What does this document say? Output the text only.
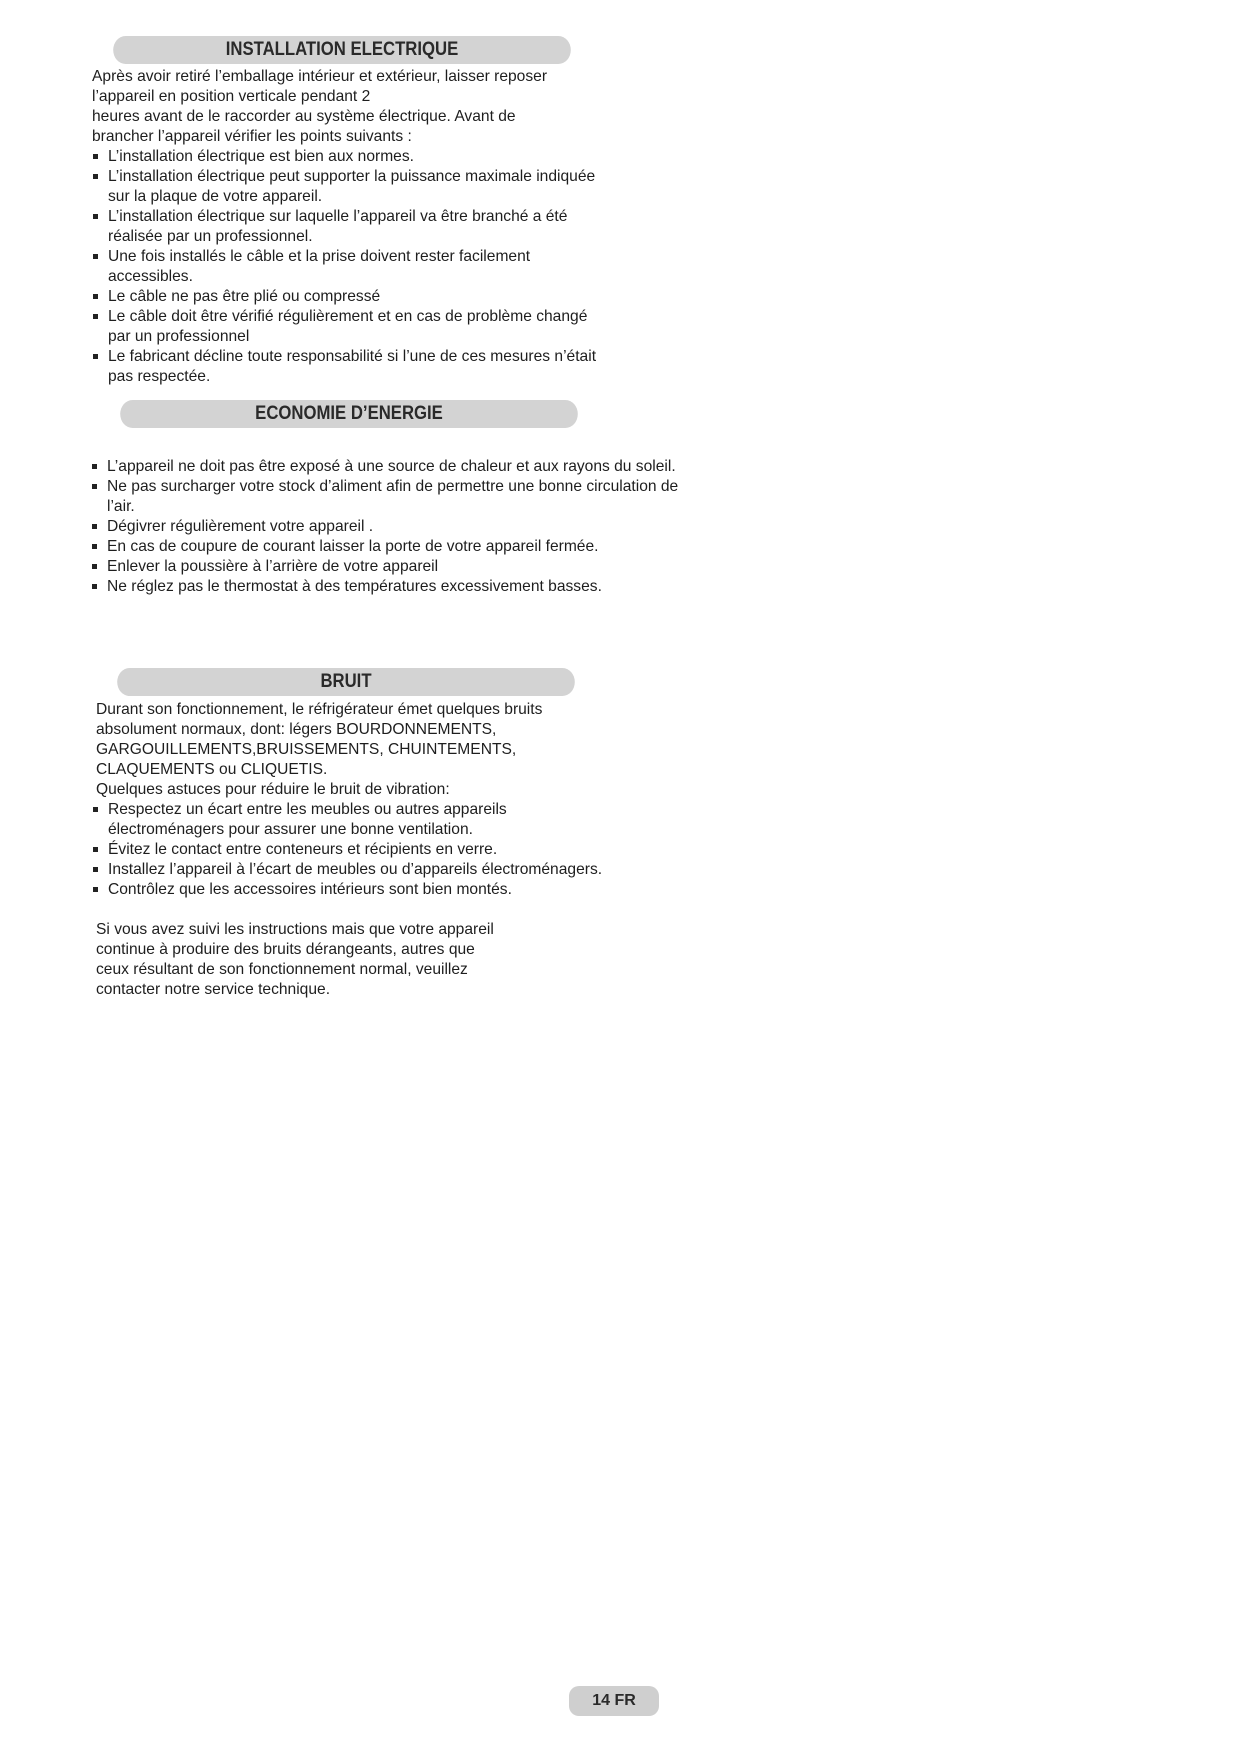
INSTALLATION ELECTRIQUE

Après avoir retiré l’emballage intérieur et extérieur, laisser reposer

l’appareil en position verticale pendant 2

heures avant de le raccorder au système électrique. Avant de

brancher l’appareil vérifier les points suivants :

L’installation électrique est bien aux normes.
L’installation électrique peut supporter la puissance maximale indiquée sur la plaque de votre appareil.
L’installation électrique sur laquelle l’appareil va être branché a été réalisée par un professionnel.
Une fois installés le câble et la prise doivent rester facilement accessibles.
Le câble ne pas être plié ou compressé
Le câble doit être vérifié régulièrement et en cas de problème changé par un professionnel
Le fabricant décline toute responsabilité si l’une de ces mesures n’était pas respectée.
ECONOMIE D’ENERGIE
L’appareil ne doit pas être exposé à une source de chaleur et aux rayons du soleil.
Ne pas surcharger votre stock d’aliment afin de permettre une bonne circulation de l’air.
Dégivrer régulièrement votre appareil .
En cas de coupure de courant laisser la porte de votre appareil fermée.
Enlever la poussière à l’arrière de votre appareil
Ne réglez pas le thermostat à des températures excessivement basses.
BRUIT

Durant son fonctionnement, le réfrigérateur émet quelques bruits

absolument normaux, dont: légers BOURDONNEMENTS,

GARGOUILLEMENTS,BRUISSEMENTS, CHUINTEMENTS,

CLAQUEMENTS ou CLIQUETIS.

Quelques astuces pour réduire le bruit de vibration:

Respectez un écart entre les meubles ou autres appareils électroménagers pour assurer une bonne ventilation.
Évitez le contact entre conteneurs et récipients en verre.
Installez l’appareil à l’écart de meubles ou d’appareils électroménagers.
Contrôlez que les accessoires intérieurs sont bien montés.

Si vous avez suivi les instructions mais que votre appareil

continue à produire des bruits dérangeants, autres que

ceux résultant de son fonctionnement normal, veuillez

contacter notre service technique.

14 FR
